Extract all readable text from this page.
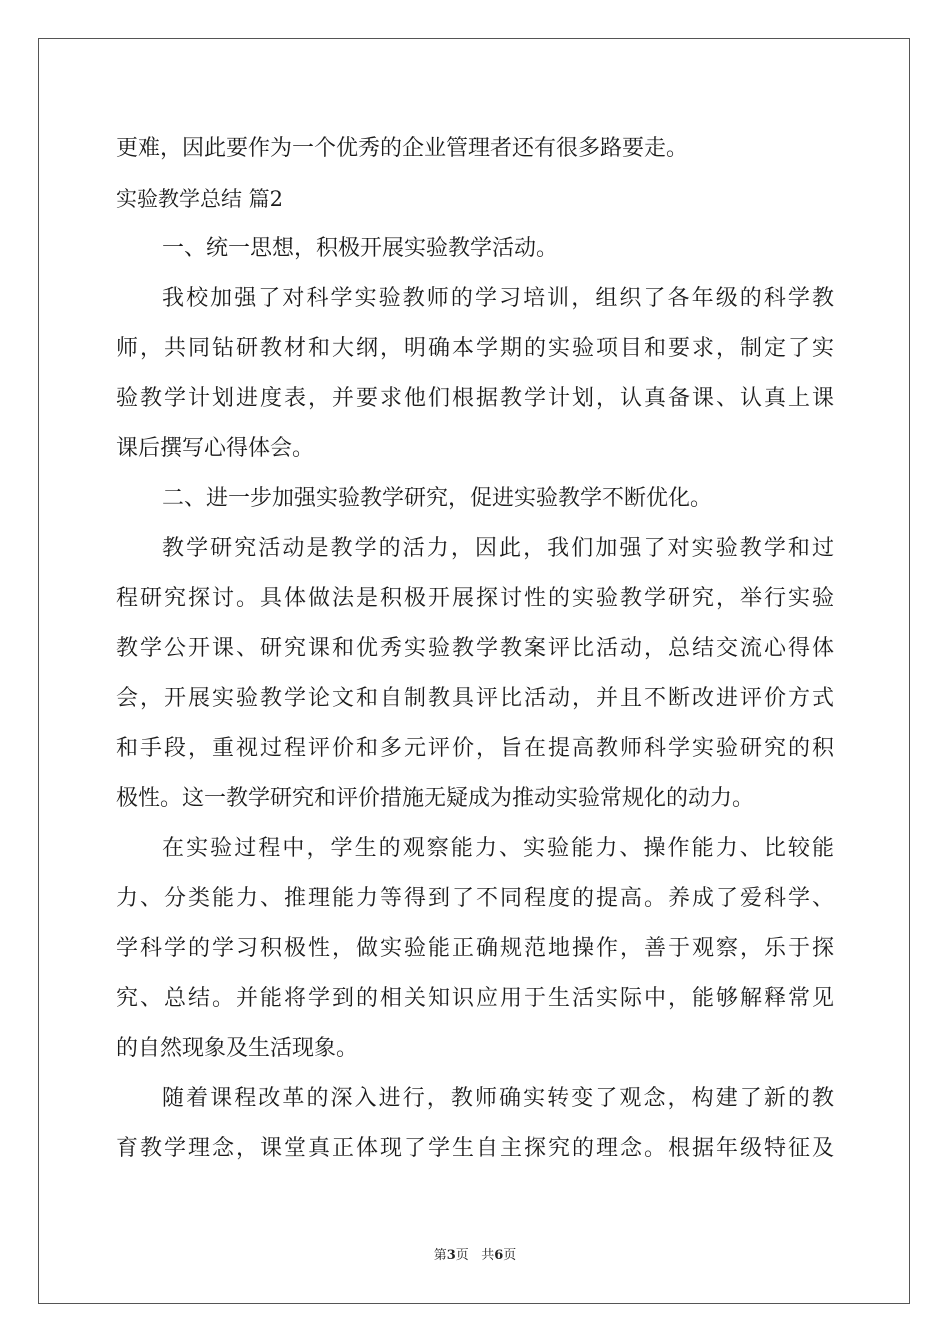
更难，因此要作为一个优秀的企业管理者还有很多路要走。
实验教学总结 篇2
一、统一思想，积极开展实验教学活动。
我校加强了对科学实验教师的学习培训，组织了各年级的科学教
师，共同钻研教材和大纲，明确本学期的实验项目和要求，制定了实
验教学计划进度表，并要求他们根据教学计划，认真备课、认真上课
课后撰写心得体会。
二、进一步加强实验教学研究，促进实验教学不断优化。
教学研究活动是教学的活力，因此，我们加强了对实验教学和过
程研究探讨。具体做法是积极开展探讨性的实验教学研究，举行实验
教学公开课、研究课和优秀实验教学教案评比活动，总结交流心得体
会，开展实验教学论文和自制教具评比活动，并且不断改进评价方式
和手段，重视过程评价和多元评价，旨在提高教师科学实验研究的积
极性。这一教学研究和评价措施无疑成为推动实验常规化的动力。
在实验过程中，学生的观察能力、实验能力、操作能力、比较能
力、分类能力、推理能力等得到了不同程度的提高。养成了爱科学、
学科学的学习积极性，做实验能正确规范地操作，善于观察，乐于探
究、总结。并能将学到的相关知识应用于生活实际中，能够解释常见
的自然现象及生活现象。
随着课程改革的深入进行，教师确实转变了观念，构建了新的教
育教学理念，课堂真正体现了学生自主探究的理念。根据年级特征及
第3页 共6页
